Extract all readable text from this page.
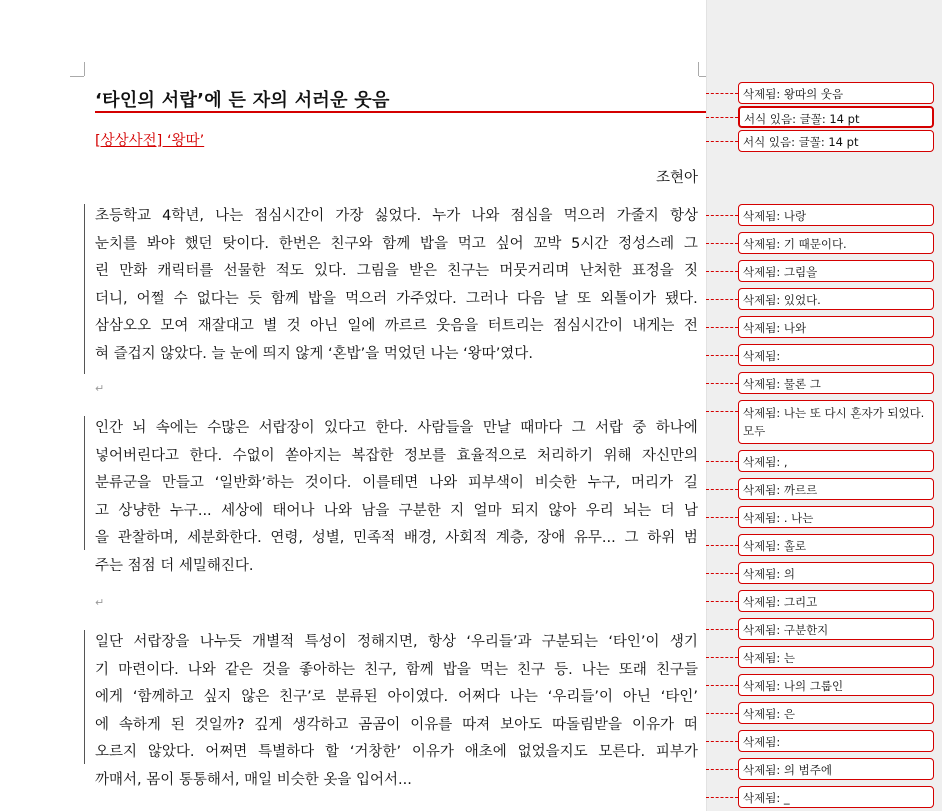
‘타인의 서랍’에 든 자의 서러운 웃음
[상상사전] ‘왕따’
조현아
초등학교 4학년, 나는 점심시간이 가장 싫었다. 누가 나와 점심을 먹으러 가줄지 항상
눈치를 봐야 했던 탓이다. 한번은 친구와 함께 밥을 먹고 싶어 꼬박 5시간 정성스레 그
린 만화 캐릭터를 선물한 적도 있다. 그림을 받은 친구는 머뭇거리며 난처한 표정을 짓
더니, 어쩔 수 없다는 듯 함께 밥을 먹으러 가주었다. 그러나 다음 날 또 외톨이가 됐다.
삼삼오오 모여 재잘대고 별 것 아닌 일에 까르르 웃음을 터트리는 점심시간이 내게는 전
혀 즐겁지 않았다. 늘 눈에 띄지 않게 ‘혼밥’을 먹었던 나는 ‘왕따’였다.
인간 뇌 속에는 수많은 서랍장이 있다고 한다. 사람들을 만날 때마다 그 서랍 중 하나에
넣어버린다고 한다. 수없이 쏟아지는 복잡한 정보를 효율적으로 처리하기 위해 자신만의
분류군을 만들고 ‘일반화’하는 것이다. 이를테면 나와 피부색이 비슷한 누구, 머리가 길
고 상냥한 누구... 세상에 태어나 나와 남을 구분한 지 얼마 되지 않아 우리 뇌는 더 남
을 관찰하며, 세분화한다. 연령, 성별, 민족적 배경, 사회적 계층, 장애 유무... 그 하위 범
주는 점점 더 세밀해진다.
일단 서랍장을 나누듯 개별적 특성이 정해지면, 항상 ‘우리들’과 구분되는 ‘타인’이 생기
기 마련이다. 나와 같은 것을 좋아하는 친구, 함께 밥을 먹는 친구 등. 나는 또래 친구들
에게 ‘함께하고 싶지 않은 친구’로 분류된 아이였다. 어쩌다 나는 ‘우리들’이 아닌 ‘타인’
에 속하게 된 것일까? 깊게 생각하고 곰곰이 이유를 따져 보아도 따돌림받을 이유가 떠
오르지 않았다. 어쩌면 특별하다 할 ‘거창한’ 이유가 애초에 없었을지도 모른다. 피부가
까매서, 몸이 통통해서, 매일 비슷한 옷을 입어서...
↵
↵
삭제됨: 왕따의 웃음
서식 있음: 글꼴: 14 pt
서식 있음: 글꼴: 14 pt
삭제됨: 나랑
삭제됨: 기 때문이다.
삭제됨: 그림을
삭제됨: 있었다.
삭제됨: 나와
삭제됨:
삭제됨: 물론 그
삭제됨: 나는 또 다시 혼자가 되었다. 모두
삭제됨: ,
삭제됨: 까르르
삭제됨: . 나는
삭제됨: 홀로
삭제됨: 의
삭제됨: 그리고
삭제됨: 구분한지
삭제됨: 는
삭제됨: 나의 그룹인
삭제됨: 은
삭제됨:
삭제됨: 의 범주에
삭제됨: _
